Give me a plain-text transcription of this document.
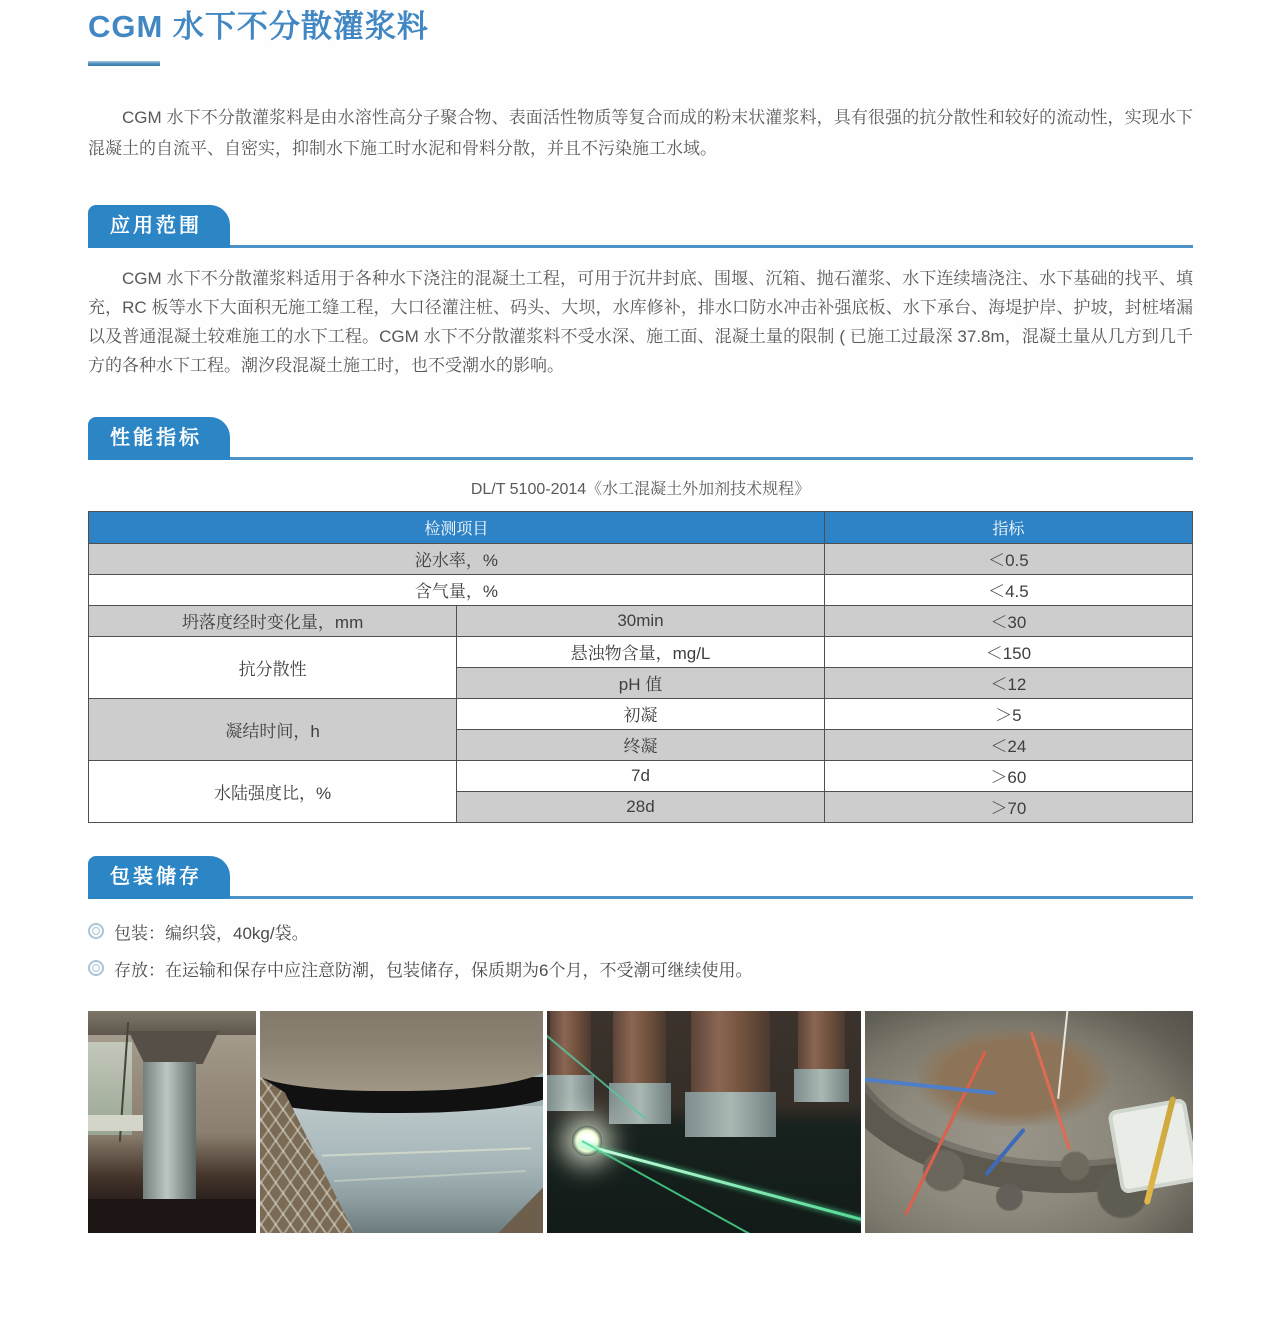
CGM 水下不分散灌浆料

CGM 水下不分散灌浆料是由水溶性高分子聚合物、表面活性物质等复合而成的粉末状灌浆料，具有很强的抗分散性和较好的流动性，实现水下混凝土的自流平、自密实，抑制水下施工时水泥和骨料分散，并且不污染施工水域。

应用范围

CGM 水下不分散灌浆料适用于各种水下浇注的混凝土工程，可用于沉井封底、围堰、沉箱、抛石灌浆、水下连续墙浇注、水下基础的找平、填充，RC 板等水下大面积无施工缝工程，大口径灌注桩、码头、大坝，水库修补，排水口防水冲击补强底板、水下承台、海堤护岸、护坡，封桩堵漏以及普通混凝土较难施工的水下工程。CGM 水下不分散灌浆料不受水深、施工面、混凝土量的限制 ( 已施工过最深 37.8m，混凝土量从几方到几千方的各种水下工程。潮汐段混凝土施工时，也不受潮水的影响。

性能指标

DL/T 5100-2014《水工混凝土外加剂技术规程》

检测项目		指标
泌水率，%		＜0.5
含气量，%		＜4.5
坍落度经时变化量，mm	30min	＜30
抗分散性	悬浊物含量，mg/L	＜150
	pH 值	＜12
凝结时间，h	初凝	＞5
	终凝	＜24
水陆强度比，%	7d	＞60
	28d	＞70
包装储存
包装：编织袋，40kg/袋。
存放：在运输和保存中应注意防潮，包装储存，保质期为6个月，不受潮可继续使用。
